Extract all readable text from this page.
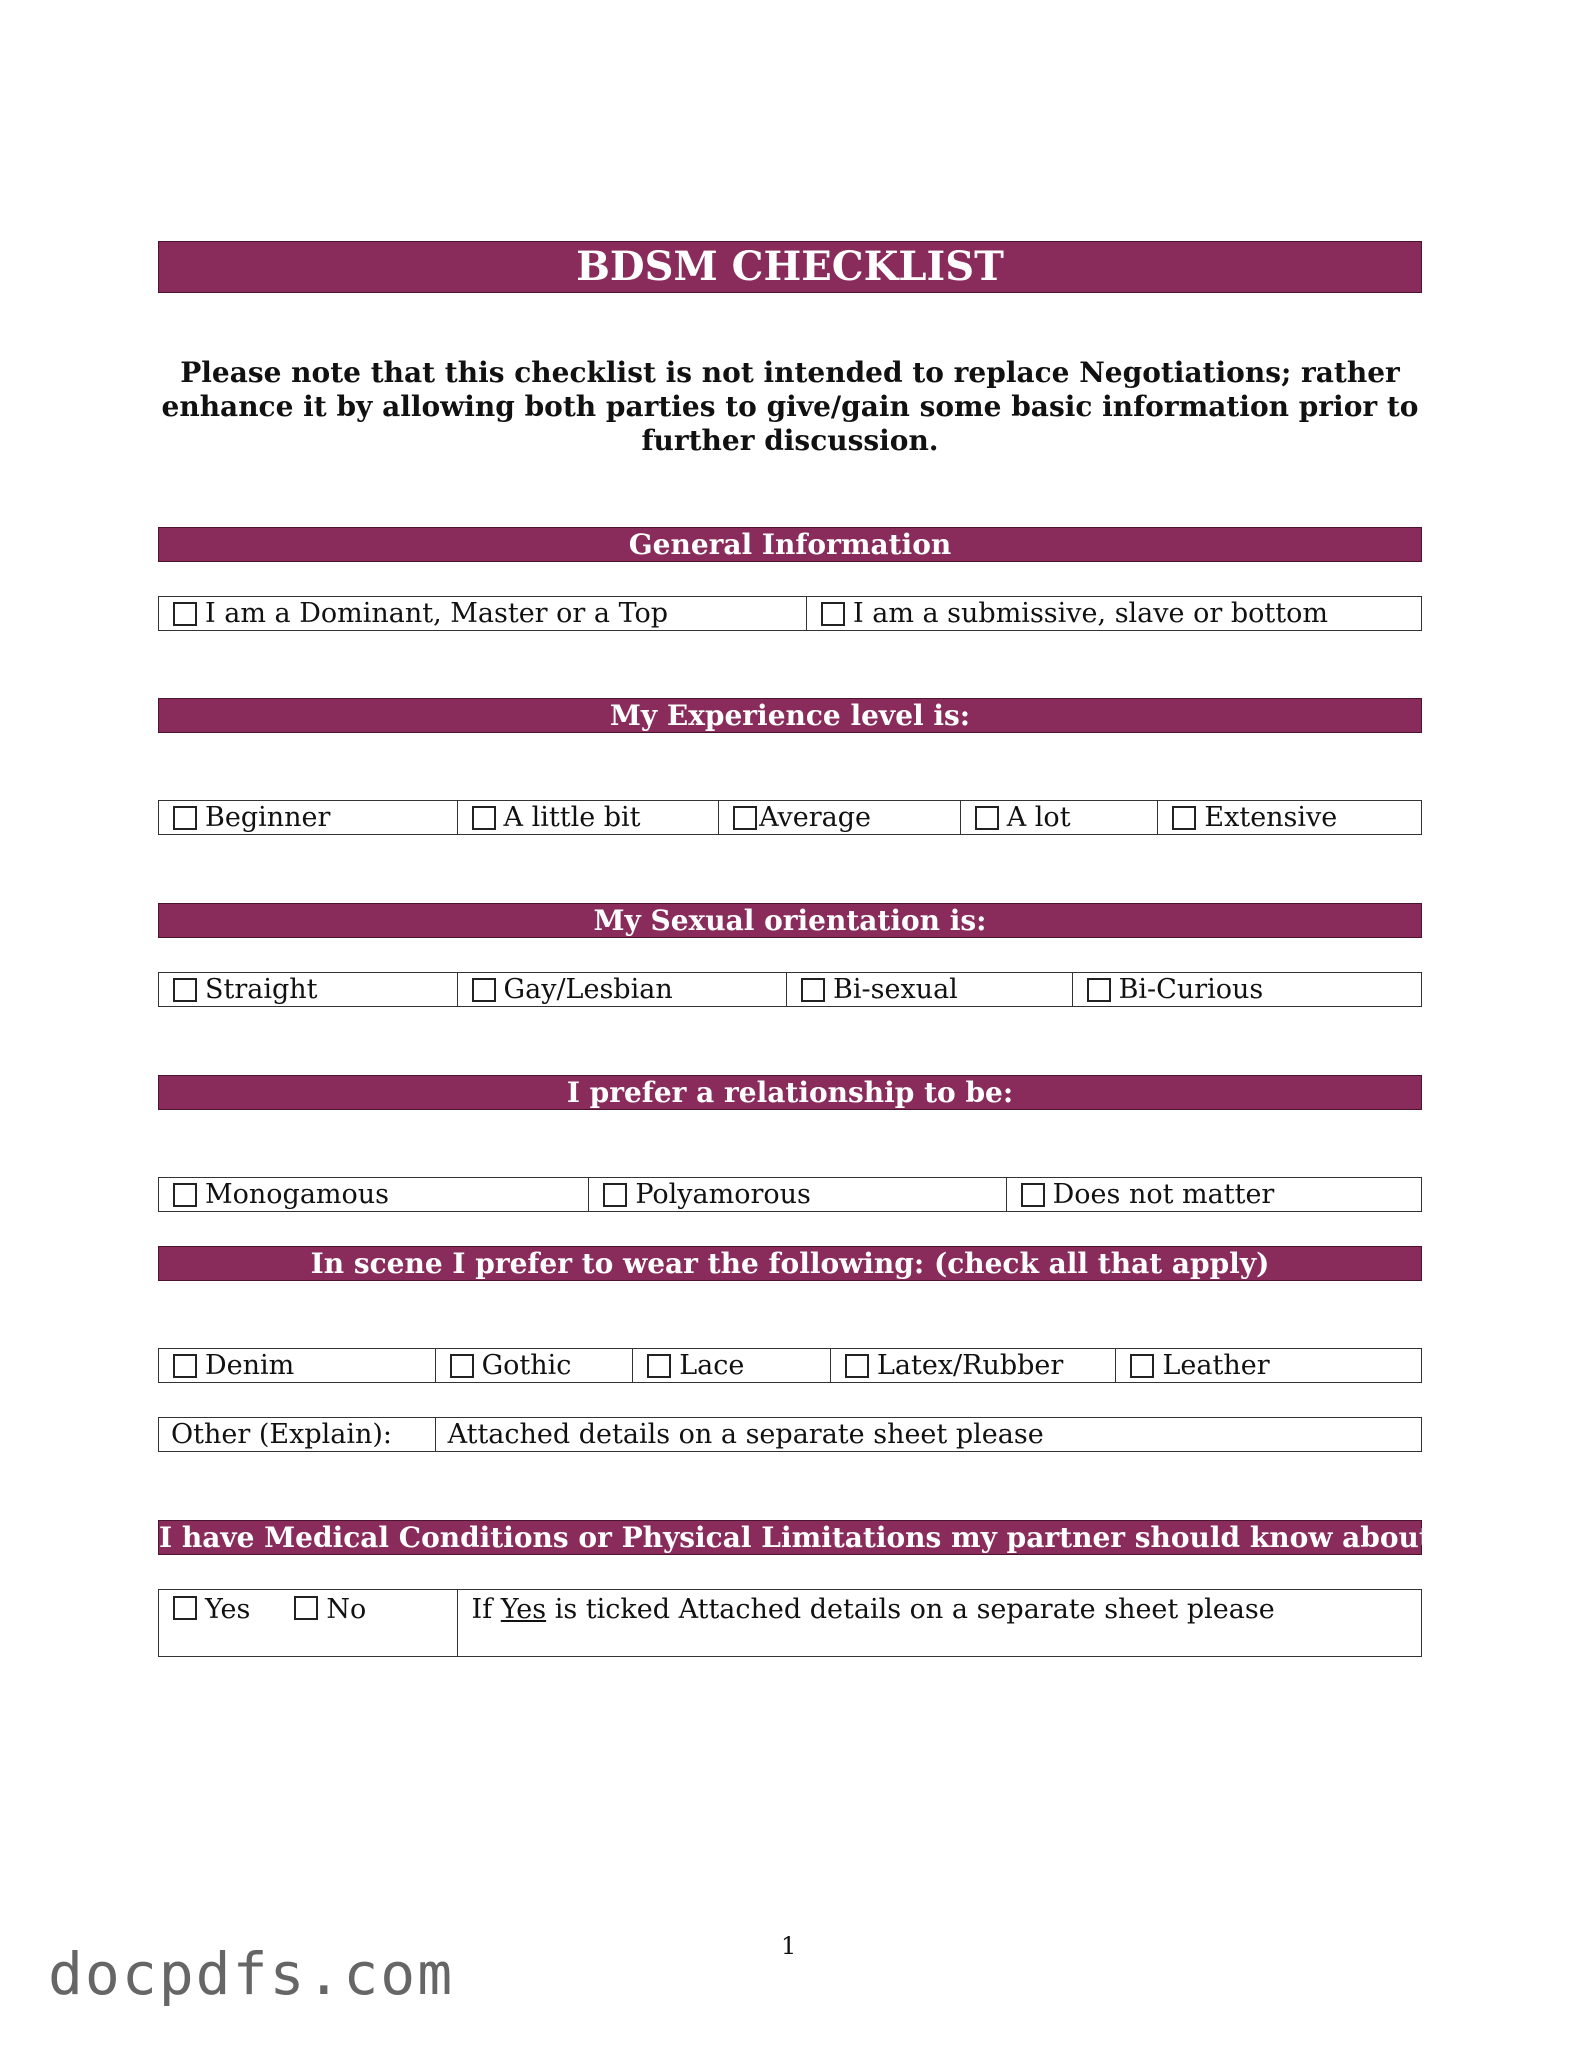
BDSM CHECKLIST
Please note that this checklist is not intended to replace Negotiations; rather enhance it by allowing both parties to give/gain some basic information prior to further discussion.
General Information
I am a Dominant, Master or a Top	I am a submissive, slave or bottom
My Experience level is:
Beginner	A little bit	Average	A lot	Extensive
My Sexual orientation is:
Straight	Gay/Lesbian	Bi-sexual	Bi-Curious
I prefer a relationship to be:
Monogamous	Polyamorous	Does not matter
In scene I prefer to wear the following: (check all that apply)
Denim	Gothic	Lace	Latex/Rubber	Leather
Other (Explain):	Attached details on a separate sheet please
I have Medical Conditions or Physical Limitations my partner should know about
Yes	No	If Yes is ticked Attached details on a separate sheet please
1
docpdfs.com
